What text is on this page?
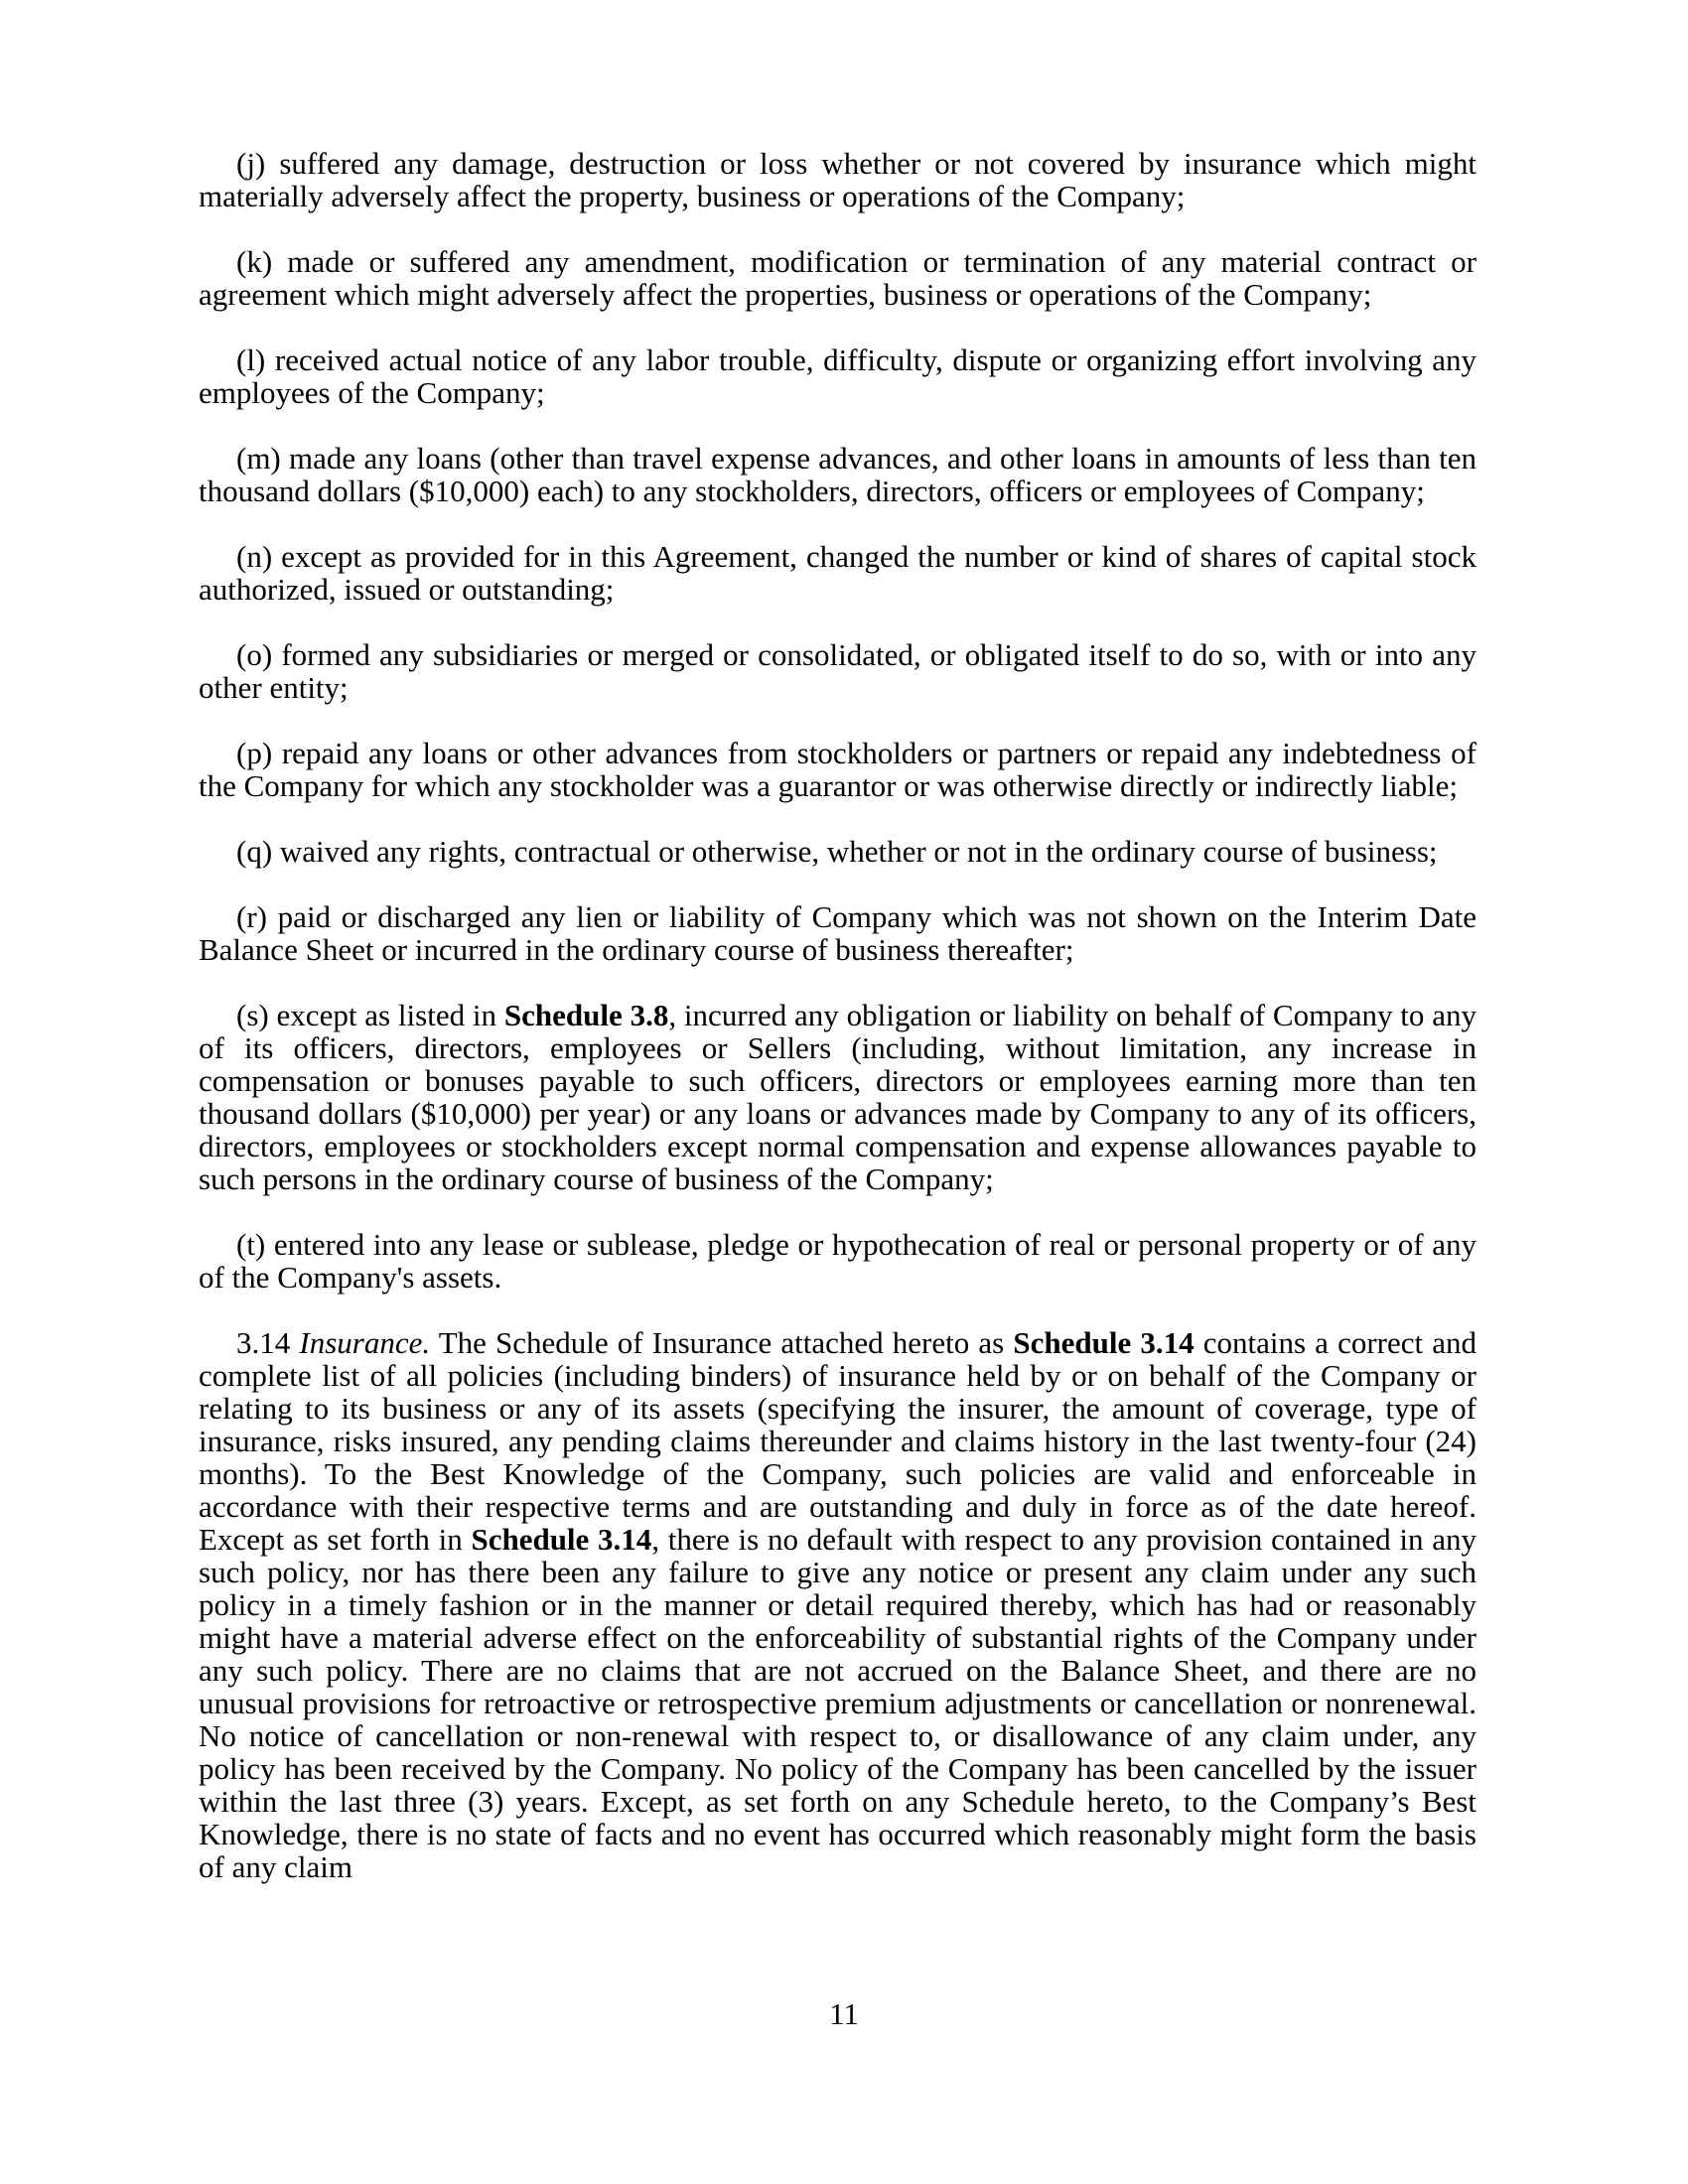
(j) suffered any damage, destruction or loss whether or not covered by insurance which might materially adversely affect the property, business or operations of the Company;

(k) made or suffered any amendment, modification or termination of any material contract or agreement which might adversely affect the properties, business or operations of the Company;

(l) received actual notice of any labor trouble, difficulty, dispute or organizing effort involving any employees of the Company;

(m) made any loans (other than travel expense advances, and other loans in amounts of less than ten thousand dollars ($10,000) each) to any stockholders, directors, officers or employees of Company;

(n) except as provided for in this Agreement, changed the number or kind of shares of capital stock authorized, issued or outstanding;

(o) formed any subsidiaries or merged or consolidated, or obligated itself to do so, with or into any other entity;

(p) repaid any loans or other advances from stockholders or partners or repaid any indebtedness of the Company for which any stockholder was a guarantor or was otherwise directly or indirectly liable;

(q) waived any rights, contractual or otherwise, whether or not in the ordinary course of business;

(r) paid or discharged any lien or liability of Company which was not shown on the Interim Date Balance Sheet or incurred in the ordinary course of business thereafter;

(s) except as listed in Schedule 3.8, incurred any obligation or liability on behalf of Company to any of its officers, directors, employees or Sellers (including, without limitation, any increase in compensation or bonuses payable to such officers, directors or employees earning more than ten thousand dollars ($10,000) per year) or any loans or advances made by Company to any of its officers, directors, employees or stockholders except normal compensation and expense allowances payable to such persons in the ordinary course of business of the Company;

(t) entered into any lease or sublease, pledge or hypothecation of real or personal property or of any of the Company's assets.

3.14 Insurance. The Schedule of Insurance attached hereto as Schedule 3.14 contains a correct and complete list of all policies (including binders) of insurance held by or on behalf of the Company or relating to its business or any of its assets (specifying the insurer, the amount of coverage, type of insurance, risks insured, any pending claims thereunder and claims history in the last twenty-four (24) months). To the Best Knowledge of the Company, such policies are valid and enforceable in accordance with their respective terms and are outstanding and duly in force as of the date hereof. Except as set forth in Schedule 3.14, there is no default with respect to any provision contained in any such policy, nor has there been any failure to give any notice or present any claim under any such policy in a timely fashion or in the manner or detail required thereby, which has had or reasonably might have a material adverse effect on the enforceability of substantial rights of the Company under any such policy. There are no claims that are not accrued on the Balance Sheet, and there are no unusual provisions for retroactive or retrospective premium adjustments or cancellation or nonrenewal. No notice of cancellation or non-renewal with respect to, or disallowance of any claim under, any policy has been received by the Company. No policy of the Company has been cancelled by the issuer within the last three (3) years. Except, as set forth on any Schedule hereto, to the Company’s Best Knowledge, there is no state of facts and no event has occurred which reasonably might form the basis of any claim

11
